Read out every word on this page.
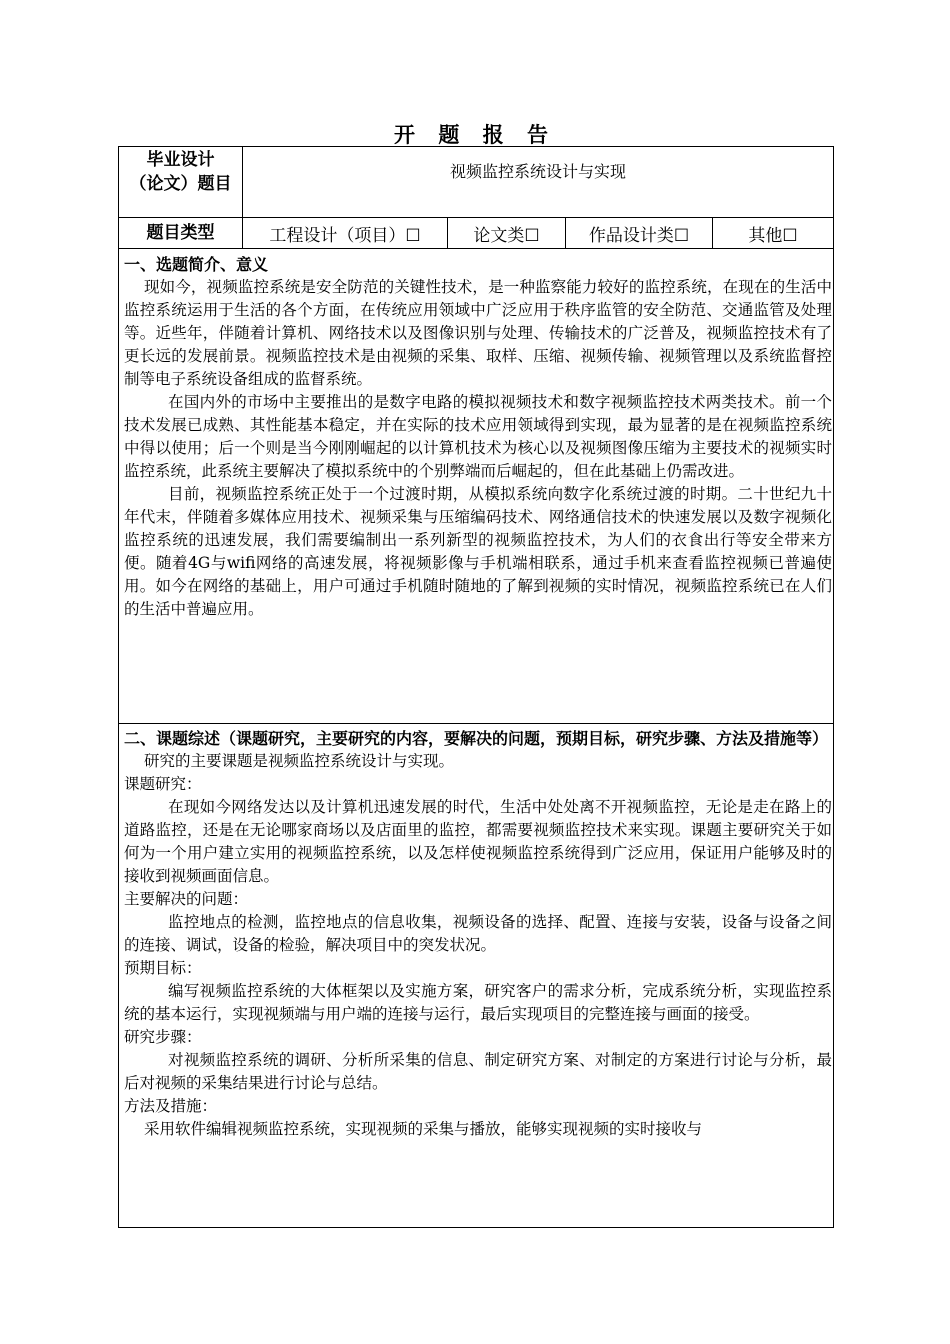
开 题 报 告
毕业设计
（论文）题目
视频监控系统设计与实现
题目类型	工程设计（项目）☐	论文类☐	作品设计类☐	其他☐

一、选题简介、意义

现如今，视频监控系统是安全防范的关键性技术，是一种监察能力较好的监控系统，在现在的生活中监控系统运用于生活的各个方面，在传统应用领域中广泛应用于秩序监管的安全防范、交通监管及处理等。近些年，伴随着计算机、网络技术以及图像识别与处理、传输技术的广泛普及，视频监控技术有了更长远的发展前景。视频监控技术是由视频的采集、取样、压缩、视频传输、视频管理以及系统监督控制等电子系统设备组成的监督系统。

在国内外的市场中主要推出的是数字电路的模拟视频技术和数字视频监控技术两类技术。前一个技术发展已成熟、其性能基本稳定，并在实际的技术应用领域得到实现，最为显著的是在视频监控系统中得以使用；后一个则是当今刚刚崛起的以计算机技术为核心以及视频图像压缩为主要技术的视频实时监控系统，此系统主要解决了模拟系统中的个别弊端而后崛起的，但在此基础上仍需改进。

目前，视频监控系统正处于一个过渡时期，从模拟系统向数字化系统过渡的时期。二十世纪九十年代末，伴随着多媒体应用技术、视频采集与压缩编码技术、网络通信技术的快速发展以及数字视频化监控系统的迅速发展，我们需要编制出一系列新型的视频监控技术，为人们的衣食出行等安全带来方便。随着4G与wifi网络的高速发展，将视频影像与手机端相联系，通过手机来查看监控视频已普遍使用。如今在网络的基础上，用户可通过手机随时随地的了解到视频的实时情况，视频监控系统已在人们的生活中普遍应用。

二、课题综述（课题研究，主要研究的内容，要解决的问题，预期目标，研究步骤、方法及措施等）

研究的主要课题是视频监控系统设计与实现。

课题研究：

在现如今网络发达以及计算机迅速发展的时代，生活中处处离不开视频监控，无论是走在路上的道路监控，还是在无论哪家商场以及店面里的监控，都需要视频监控技术来实现。课题主要研究关于如何为一个用户建立实用的视频监控系统，以及怎样使视频监控系统得到广泛应用，保证用户能够及时的接收到视频画面信息。

主要解决的问题：

监控地点的检测，监控地点的信息收集，视频设备的选择、配置、连接与安装，设备与设备之间的连接、调试，设备的检验，解决项目中的突发状况。

预期目标：

编写视频监控系统的大体框架以及实施方案，研究客户的需求分析，完成系统分析，实现监控系统的基本运行，实现视频端与用户端的连接与运行，最后实现项目的完整连接与画面的接受。

研究步骤：

对视频监控系统的调研、分析所采集的信息、制定研究方案、对制定的方案进行讨论与分析，最后对视频的采集结果进行讨论与总结。

方法及措施：

采用软件编辑视频监控系统，实现视频的采集与播放，能够实现视频的实时接收与
